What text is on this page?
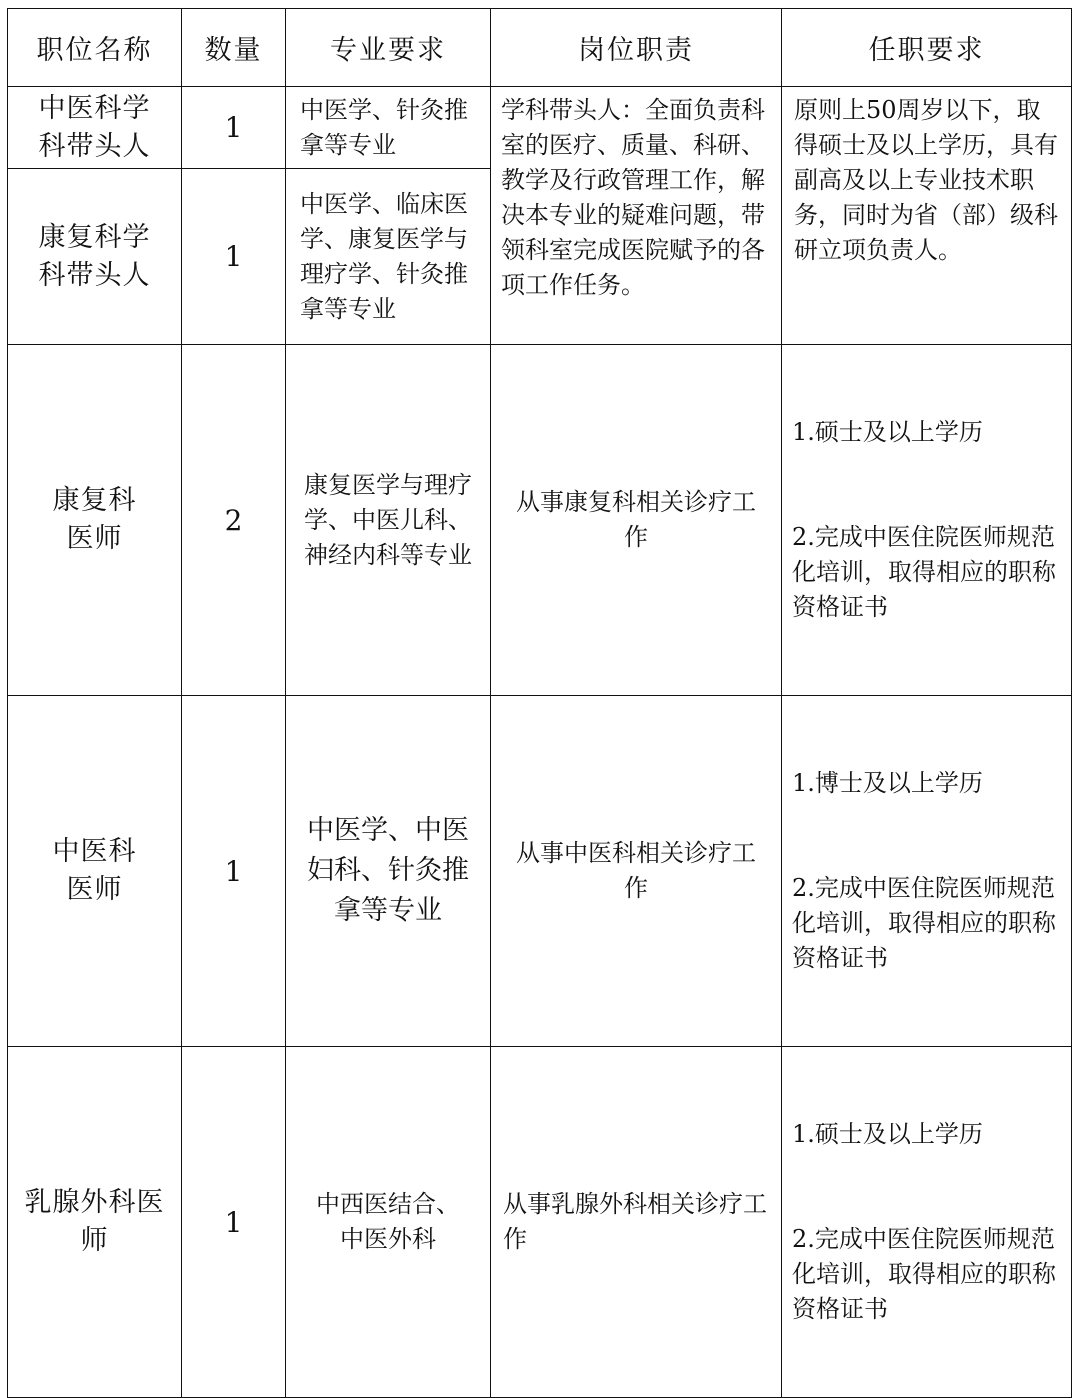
职位名称	数量	专业要求	岗位职责	任职要求

中医科学科带头人	1	中医学、针灸推拿等专业	学科带头人：全面负责科室的医疗、质量、科研、教学及行政管理工作，解决本专业的疑难问题，带领科室完成医院赋予的各项工作任务。	原则上50周岁以下，取得硕士及以上学历，具有副高及以上专业技术职务，同时为省（部）级科研立项负责人。

康复科学科带头人	1	中医学、临床医学、康复医学与理疗学、针灸推拿等专业		

康复科医师	2	康复医学与理疗学、中医儿科、神经内科等专业	从事康复科相关诊疗工作	1.硕士及以上学历

2.完成中医住院医师规范化培训，取得相应的职称资格证书

中医科医师	1	中医学、中医妇科、针灸推拿等专业	从事中医科相关诊疗工作	1.博士及以上学历

2.完成中医住院医师规范化培训，取得相应的职称资格证书

乳腺外科医师	1	中西医结合、中医外科	从事乳腺外科相关诊疗工作	1.硕士及以上学历

2.完成中医住院医师规范化培训，取得相应的职称资格证书
